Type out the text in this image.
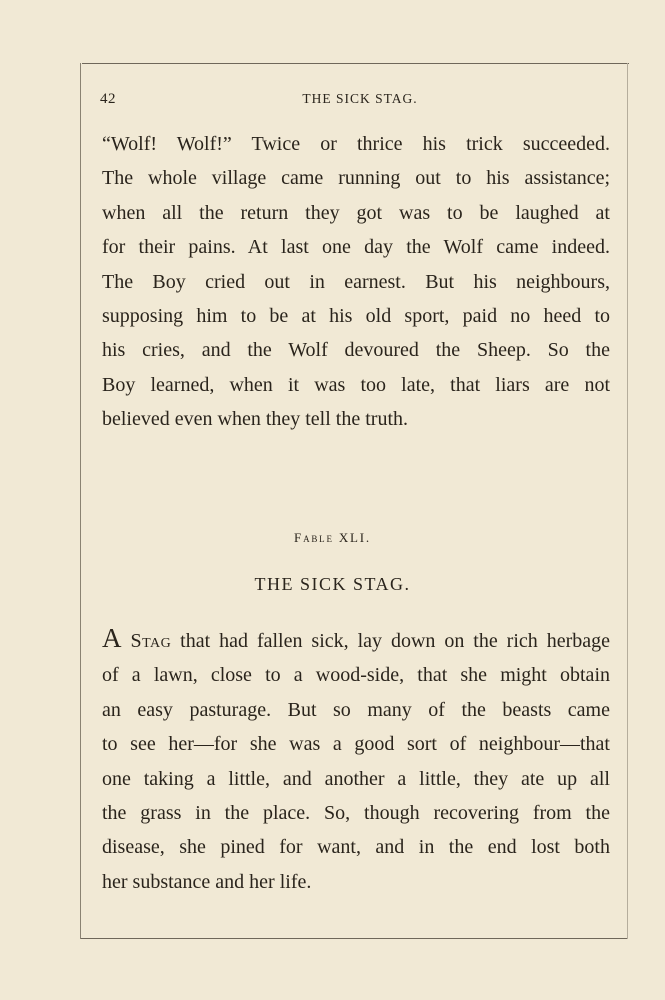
42	THE SICK STAG.
“Wolf! Wolf!” Twice or thrice his trick succeeded.
The whole village came running out to his assistance;
when all the return they got was to be laughed at
for their pains. At last one day the Wolf came indeed.
The Boy cried out in earnest. But his neighbours,
supposing him to be at his old sport, paid no heed to
his cries, and the Wolf devoured the Sheep. So the
Boy learned, when it was too late, that liars are not
believed even when they tell the truth.
Fable XLI.
THE SICK STAG.
A Stag that had fallen sick, lay down on the rich herbage
of a lawn, close to a wood-side, that she might obtain
an easy pasturage. But so many of the beasts came
to see her—for she was a good sort of neighbour—that
one taking a little, and another a little, they ate up all
the grass in the place. So, though recovering from the
disease, she pined for want, and in the end lost both
her substance and her life.
